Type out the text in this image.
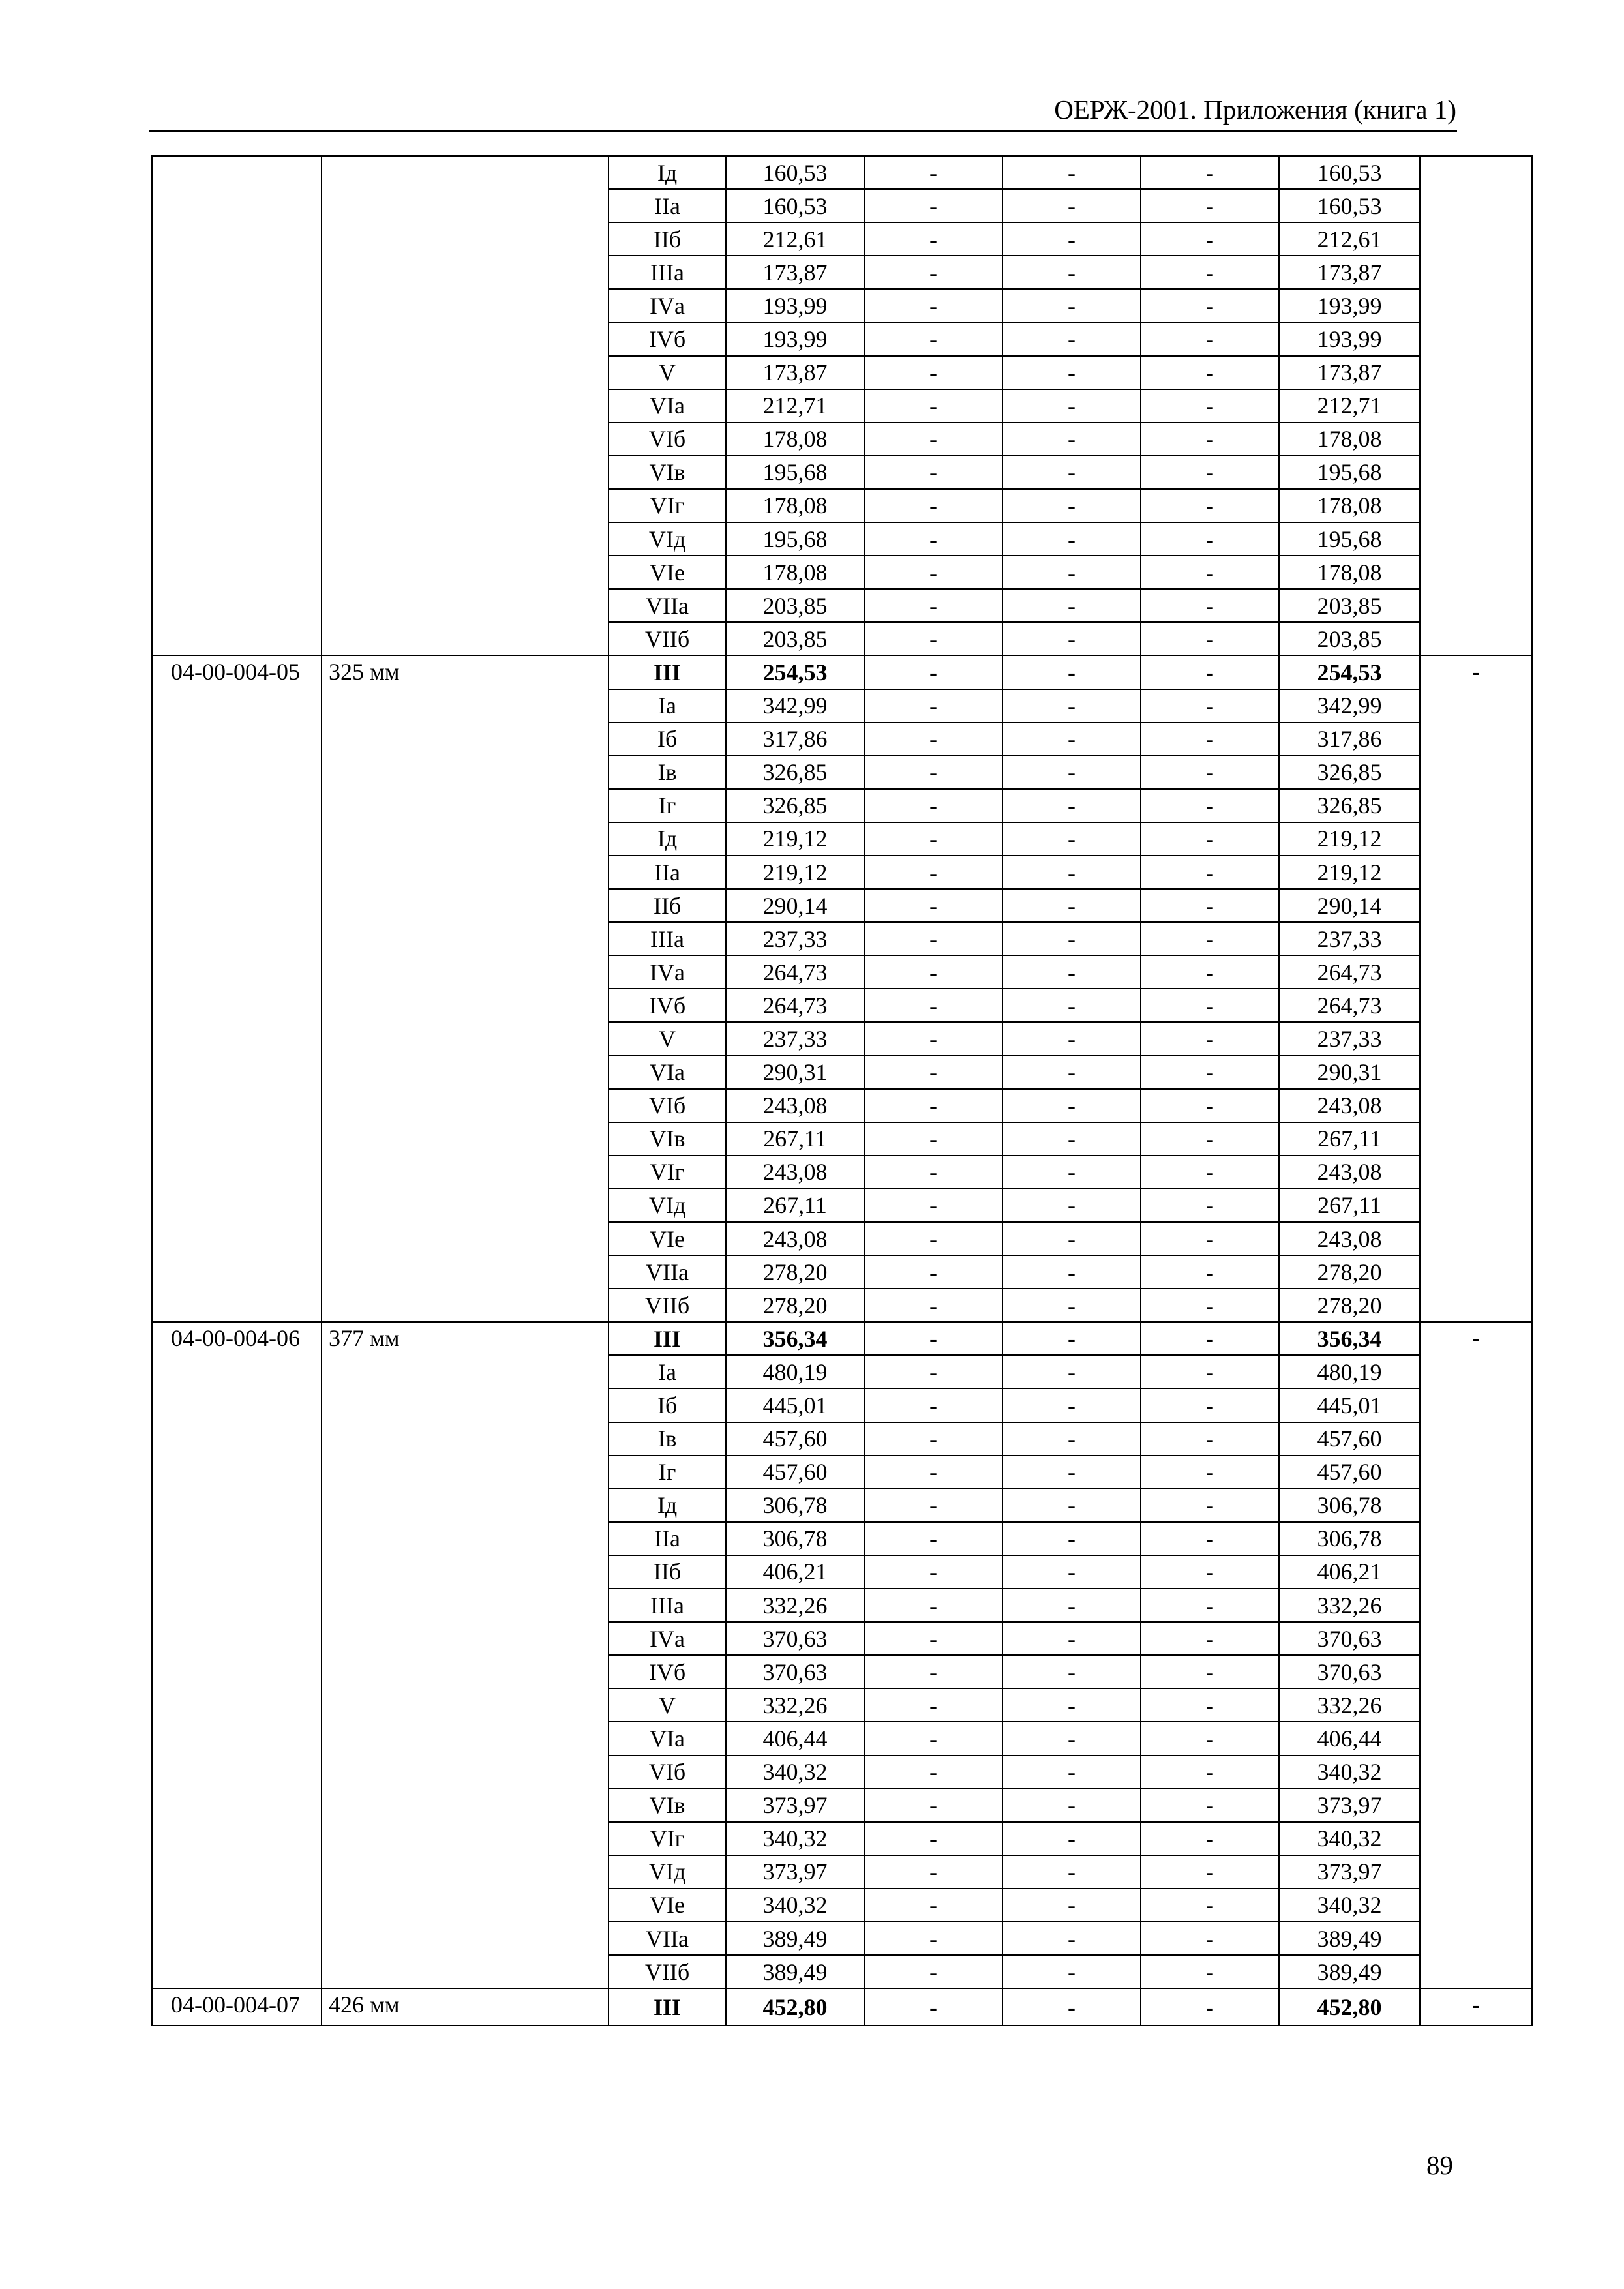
ОЕРЖ-2001. Приложения (книга 1)
		Iд	160,53	-	-	-	160,53	
		IIа	160,53	-	-	-	160,53	
		IIб	212,61	-	-	-	212,61	
		IIIа	173,87	-	-	-	173,87	
		IVа	193,99	-	-	-	193,99	
		IVб	193,99	-	-	-	193,99	
		V	173,87	-	-	-	173,87	
		VIа	212,71	-	-	-	212,71	
		VIб	178,08	-	-	-	178,08	
		VIв	195,68	-	-	-	195,68	
		VIг	178,08	-	-	-	178,08	
		VIд	195,68	-	-	-	195,68	
		VIе	178,08	-	-	-	178,08	
		VIIа	203,85	-	-	-	203,85	
		VIIб	203,85	-	-	-	203,85	
04-00-004-05	325 мм	III	254,53	-	-	-	254,53	-
		Iа	342,99	-	-	-	342,99	
		Iб	317,86	-	-	-	317,86	
		Iв	326,85	-	-	-	326,85	
		Iг	326,85	-	-	-	326,85	
		Iд	219,12	-	-	-	219,12	
		IIа	219,12	-	-	-	219,12	
		IIб	290,14	-	-	-	290,14	
		IIIа	237,33	-	-	-	237,33	
		IVа	264,73	-	-	-	264,73	
		IVб	264,73	-	-	-	264,73	
		V	237,33	-	-	-	237,33	
		VIа	290,31	-	-	-	290,31	
		VIб	243,08	-	-	-	243,08	
		VIв	267,11	-	-	-	267,11	
		VIг	243,08	-	-	-	243,08	
		VIд	267,11	-	-	-	267,11	
		VIе	243,08	-	-	-	243,08	
		VIIа	278,20	-	-	-	278,20	
		VIIб	278,20	-	-	-	278,20	
04-00-004-06	377 мм	III	356,34	-	-	-	356,34	-
		Iа	480,19	-	-	-	480,19	
		Iб	445,01	-	-	-	445,01	
		Iв	457,60	-	-	-	457,60	
		Iг	457,60	-	-	-	457,60	
		Iд	306,78	-	-	-	306,78	
		IIа	306,78	-	-	-	306,78	
		IIб	406,21	-	-	-	406,21	
		IIIа	332,26	-	-	-	332,26	
		IVа	370,63	-	-	-	370,63	
		IVб	370,63	-	-	-	370,63	
		V	332,26	-	-	-	332,26	
		VIа	406,44	-	-	-	406,44	
		VIб	340,32	-	-	-	340,32	
		VIв	373,97	-	-	-	373,97	
		VIг	340,32	-	-	-	340,32	
		VIд	373,97	-	-	-	373,97	
		VIе	340,32	-	-	-	340,32	
		VIIа	389,49	-	-	-	389,49	
		VIIб	389,49	-	-	-	389,49	
04-00-004-07	426 мм	III	452,80	-	-	-	452,80	-
89
